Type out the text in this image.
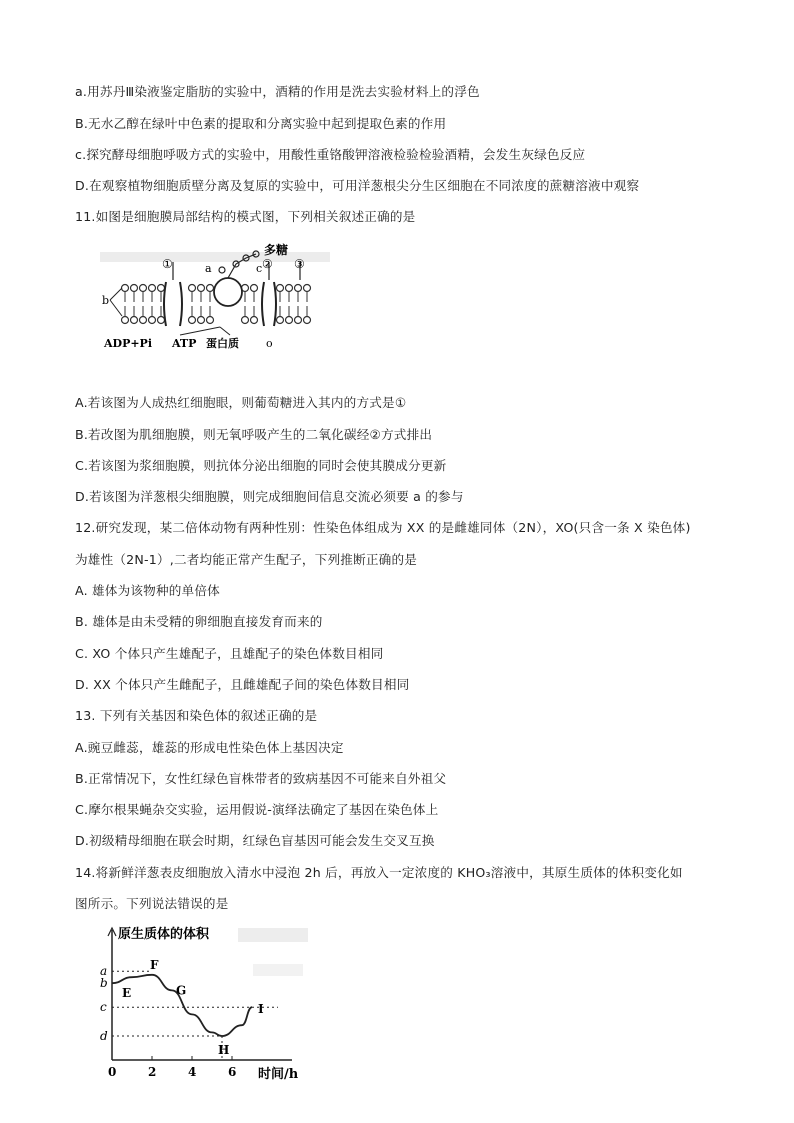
a.用苏丹Ⅲ染液鉴定脂肪的实验中，酒精的作用是洗去实验材料上的浮色
B.无水乙醇在绿叶中色素的提取和分离实验中起到提取色素的作用
c.探究酵母细胞呼吸方式的实验中，用酸性重铬酸钾溶液检验检验酒精，会发生灰绿色反应
D.在观察植物细胞质壁分离及复原的实验中，可用洋葱根尖分生区细胞在不同浓度的蔗糖溶液中观察
11.如图是细胞膜局部结构的模式图，下列相关叙述正确的是
①	② ③
多糖
a
b
c
ADP+Pi ATP 蛋白质 o
A.若该图为人成热红细胞眼，则葡萄糖进入其内的方式是①
B.若改图为肌细胞膜，则无氧呼吸产生的二氧化碳经②方式排出
C.若该图为浆细胞膜，则抗体分泌出细胞的同时会使其膜成分更新
D.若该图为洋葱根尖细胞膜，则完成细胞间信息交流必须要 a 的参与
12.研究发现，某二倍体动物有两种性别：性染色体组成为 XX 的是雌雄同体（2N），XO(只含一条 X 染色体)
为雄性（2N-1）,二者均能正常产生配子，下列推断正确的是
A. 雄体为该物种的单倍体
B. 雄体是由未受精的卵细胞直接发育而来的
C. XO 个体只产生雄配子，且雄配子的染色体数目相同
D. XX 个体只产生雌配子，且雌雄配子间的染色体数目相同
13. 下列有关基因和染色体的叙述正确的是
A.豌豆雌蕊，雄蕊的形成电性染色体上基因决定
B.正常情况下，女性红绿色盲株带者的致病基因不可能来自外祖父
C.摩尔根果蝇杂交实验，运用假说-演绎法确定了基因在染色体上
D.初级精母细胞在联会时期，红绿色盲基因可能会发生交叉互换
14.将新鲜洋葱表皮细胞放入清水中浸泡 2h 后，再放入一定浓度的 KHO₃溶液中，其原生质体的体积变化如
图所示。下列说法错误的是
原生质体的体积
时间/h
a
b
c
d
0	2	4	6
E
F
G
H
I
